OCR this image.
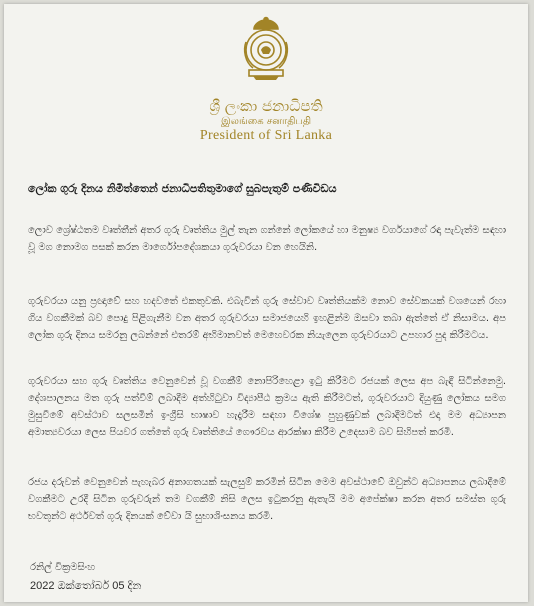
ශ්‍රී ලංකා ජනාධිපති
இலங்கை சனாதிபதி
President of Sri Lanka
ලෝක ගුරු දිනය නිමිත්තෙන් ජනාධිපතිතුමාගේ සුබපැතුම් පණිවිඩය
ලොව ශ්‍රේෂ්ඨතම වෘත්තීන් අතර ගුරු වෘත්තිය මුල් තැන ගන්නේ ලෝකයේ හා මනුෂ්‍ය වර්ගයාගේ රඳා පැවැත්ම සඳහා වූ මග නොමග පසක් කරන මාර්ගෝපදේශකයා ගුරුවරයා වන හෙයිනි.
ගුරුවරයා යනු ප්‍රඥාවේ සහ හදවතේ එකතුවකි. එබැවින් ගුරු සේවාව වෘත්තියක්ම නොව සේවකයක් වශයෙන් රහා ගිය වගකීමක් බව පොදු පිළිගැනීම වන අතර ගුරුවරයා සමාජයෙහි ඉහළින්ම ඔසවා තබා ඇත්තේ ඒ නිසාමය. අප ලෝක ගුරු දිනය සමරනු ලබන්නේ එතරම් අභිමානවත් මෙහෙවරක නියැලෙන ගුරුවරයාට උපහාර පුද කිරීමටය.
ගුරුවරයා සහ ගුරු වෘත්තිය වෙනුවෙන් වූ වගකීම් නොපිරිහෙළා ඉටු කිරීමට රජයක් ලෙස අප බැඳී සිටින්නෙමු. දේශපාලනය මත ගුරු පත්වීම් ලබාදීම අත්හිටුවා විද්‍යාපීඨ ක්‍රමය ඇති කිරීමටත්, ගුරුවරයාට දියුණු ලෝකය සමග මුසුවීමේ අවස්ථාව සලසමින් ඉංග්‍රීසි භාෂාව හැදෑරීම සඳහා විශේෂ පුහුණුවක් ලබාදීමටත් එදා මම අධ්‍යාපන අමාත්‍යවරයා ලෙස පියවර ගත්තේ ගුරු වෘත්තියේ ගෞරවය ආරක්ෂා කිරීම උදෙසාම බව සිහිපත් කරමි.
රජය දරුවන් වෙනුවෙන් පැහැබර අනාගතයක් සැලසුම් කරමින් සිටින මෙම අවස්ථාවේ ඔවුන්ට අධ්‍යාපනය ලබාදීමේ වගකීමට උරදී සිටින ගුරුවරුන් තම වගකීම් නිසි ලෙස ඉටුකරනු ඇතැයි මම අපේක්ෂා කරන අතර සමස්ත ගුරු භවතුන්ට අර්ථවත් ගුරු දිනයක් වේවා යි සුභාශිංසනය කරමි.
රනිල් වික්‍රමසිංහ
2022 ඔක්තෝබර් 05 දින
